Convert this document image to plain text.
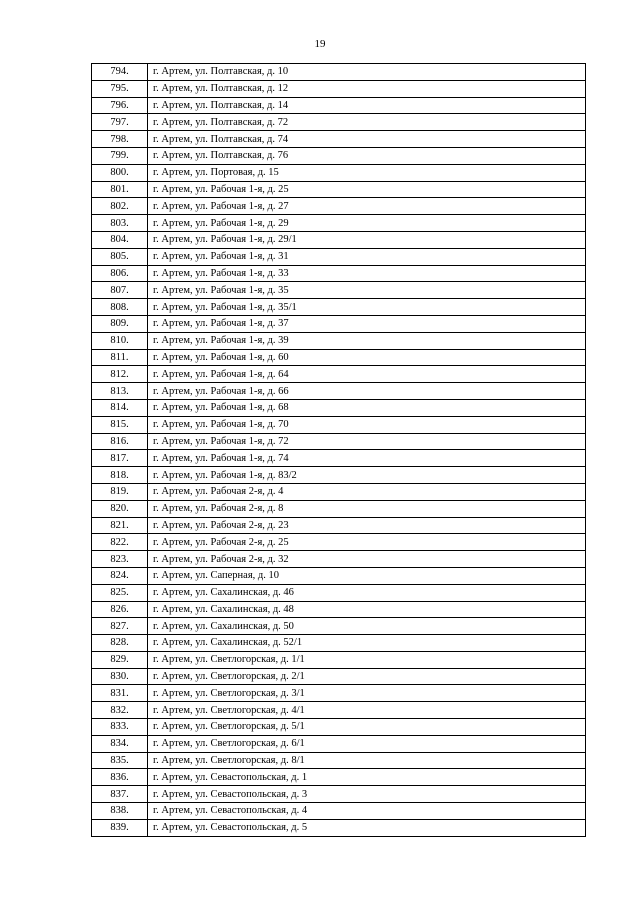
19
794.	г. Артем, ул. Полтавская, д. 10
795.	г. Артем, ул. Полтавская, д. 12
796.	г. Артем, ул. Полтавская, д. 14
797.	г. Артем, ул. Полтавская, д. 72
798.	г. Артем, ул. Полтавская, д. 74
799.	г. Артем, ул. Полтавская, д. 76
800.	г. Артем, ул. Портовая, д. 15
801.	г. Артем, ул. Рабочая 1-я, д. 25
802.	г. Артем, ул. Рабочая 1-я, д. 27
803.	г. Артем, ул. Рабочая 1-я, д. 29
804.	г. Артем, ул. Рабочая 1-я, д. 29/1
805.	г. Артем, ул. Рабочая 1-я, д. 31
806.	г. Артем, ул. Рабочая 1-я, д. 33
807.	г. Артем, ул. Рабочая 1-я, д. 35
808.	г. Артем, ул. Рабочая 1-я, д. 35/1
809.	г. Артем, ул. Рабочая 1-я, д. 37
810.	г. Артем, ул. Рабочая 1-я, д. 39
811.	г. Артем, ул. Рабочая 1-я, д. 60
812.	г. Артем, ул. Рабочая 1-я, д. 64
813.	г. Артем, ул. Рабочая 1-я, д. 66
814.	г. Артем, ул. Рабочая 1-я, д. 68
815.	г. Артем, ул. Рабочая 1-я, д. 70
816.	г. Артем, ул. Рабочая 1-я, д. 72
817.	г. Артем, ул. Рабочая 1-я, д. 74
818.	г. Артем, ул. Рабочая 1-я, д. 83/2
819.	г. Артем, ул. Рабочая 2-я, д. 4
820.	г. Артем, ул. Рабочая 2-я, д. 8
821.	г. Артем, ул. Рабочая 2-я, д. 23
822.	г. Артем, ул. Рабочая 2-я, д. 25
823.	г. Артем, ул. Рабочая 2-я, д. 32
824.	г. Артем, ул. Саперная, д. 10
825.	г. Артем, ул. Сахалинская, д. 46
826.	г. Артем, ул. Сахалинская, д. 48
827.	г. Артем, ул. Сахалинская, д. 50
828.	г. Артем, ул. Сахалинская, д. 52/1
829.	г. Артем, ул. Светлогорская, д. 1/1
830.	г. Артем, ул. Светлогорская, д. 2/1
831.	г. Артем, ул. Светлогорская, д. 3/1
832.	г. Артем, ул. Светлогорская, д. 4/1
833.	г. Артем, ул. Светлогорская, д. 5/1
834.	г. Артем, ул. Светлогорская, д. 6/1
835.	г. Артем, ул. Светлогорская, д. 8/1
836.	г. Артем, ул. Севастопольская, д. 1
837.	г. Артем, ул. Севастопольская, д. 3
838.	г. Артем, ул. Севастопольская, д. 4
839.	г. Артем, ул. Севастопольская, д. 5
